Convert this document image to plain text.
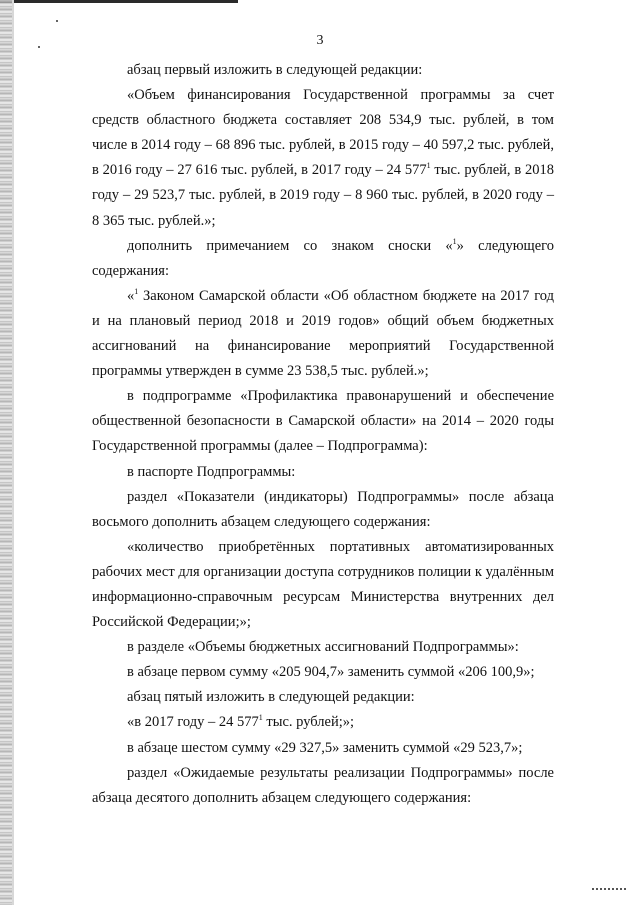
3

абзац первый изложить в следующей редакции:

«Объем финансирования Государственной программы за счет средств областного бюджета составляет 208 534,9 тыс. рублей, в том числе в 2014 году – 68 896 тыс. рублей, в 2015 году – 40 597,2 тыс. рублей, в 2016 году – 27 616 тыс. рублей, в 2017 году – 24 $577^1$ тыс. рублей, в 2018 году – 29 523,7 тыс. рублей, в 2019 году – 8 960 тыс. рублей, в 2020 году – 8 365 тыс. рублей.»;

дополнить примечанием со знаком сноски «$^1$» следующего содержания:

«$^1$ Законом Самарской области «Об областном бюджете на 2017 год и на плановый период 2018 и 2019 годов» общий объем бюджетных ассигнований на финансирование мероприятий Государственной программы утвержден в сумме 23 538,5 тыс. рублей.»;

в подпрограмме «Профилактика правонарушений и обеспечение общественной безопасности в Самарской области» на 2014 – 2020 годы Государственной программы (далее – Подпрограмма):

в паспорте Подпрограммы:

раздел «Показатели (индикаторы) Подпрограммы» после абзаца восьмого дополнить абзацем следующего содержания:

«количество приобретённых портативных автоматизированных рабочих мест для организации доступа сотрудников полиции к удалённым информационно-справочным ресурсам Министерства внутренних дел Российской Федерации;»;

в разделе «Объемы бюджетных ассигнований Подпрограммы»:

в абзаце первом сумму «205 904,7» заменить суммой «206 100,9»;

абзац пятый изложить в следующей редакции:

«в 2017 году – 24 $577^1$ тыс. рублей;»;

в абзаце шестом сумму «29 327,5» заменить суммой «29 523,7»;

раздел «Ожидаемые результаты реализации Подпрограммы» после абзаца десятого дополнить абзацем следующего содержания:
